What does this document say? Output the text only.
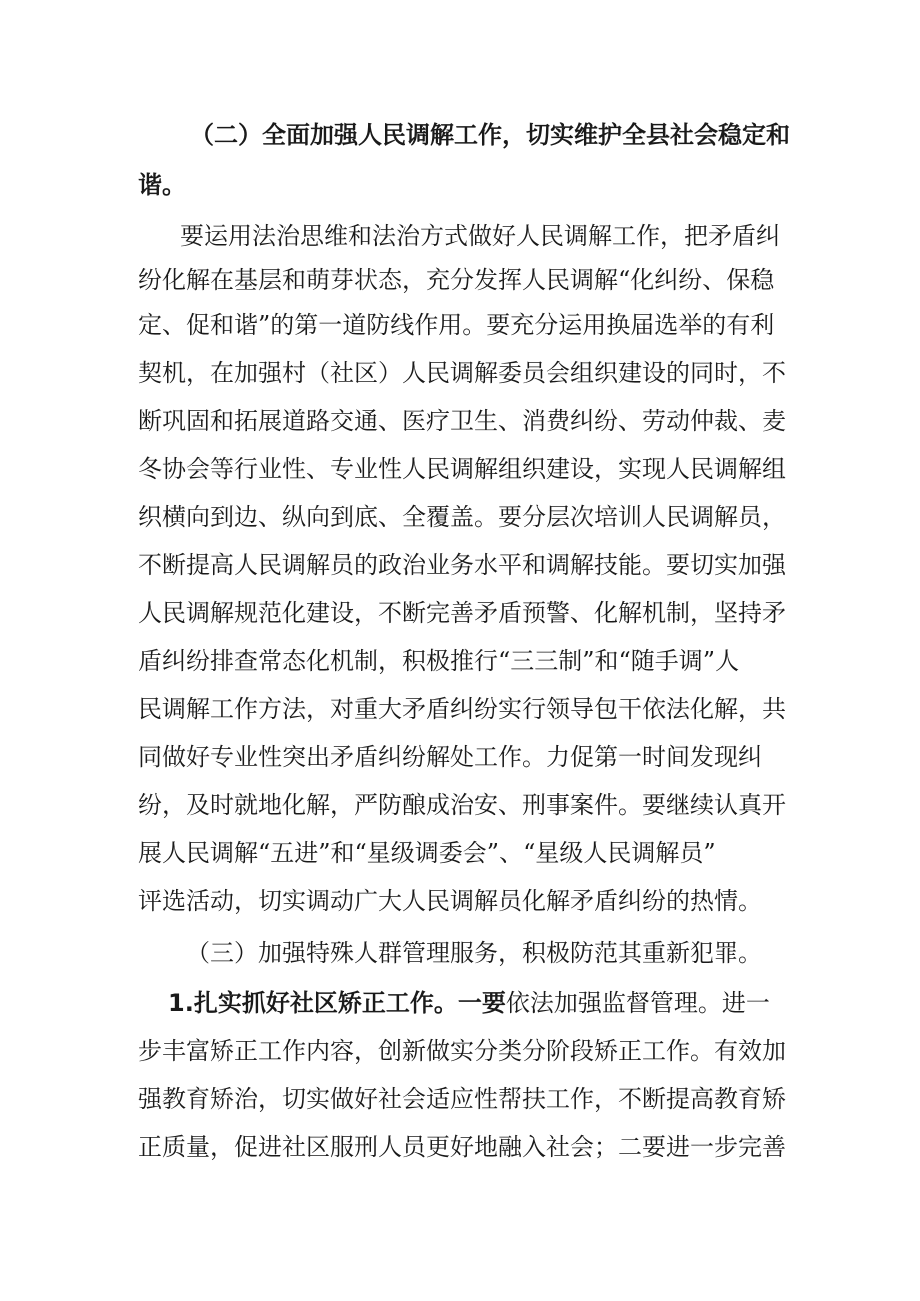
（二）全面加强人民调解工作，切实维护全县社会稳定和
谐。
要运用法治思维和法治方式做好人民调解工作，把矛盾纠
纷化解在基层和萌芽状态，充分发挥人民调解“化纠纷、保稳
定、促和谐”的第一道防线作用。要充分运用换届选举的有利
契机，在加强村（社区）人民调解委员会组织建设的同时，不
断巩固和拓展道路交通、医疗卫生、消费纠纷、劳动仲裁、麦
冬协会等行业性、专业性人民调解组织建设，实现人民调解组
织横向到边、纵向到底、全覆盖。要分层次培训人民调解员，
不断提高人民调解员的政治业务水平和调解技能。要切实加强
人民调解规范化建设，不断完善矛盾预警、化解机制，坚持矛
盾纠纷排查常态化机制，积极推行“三三制”和“随手调”人
民调解工作方法，对重大矛盾纠纷实行领导包干依法化解，共
同做好专业性突出矛盾纠纷解处工作。力促第一时间发现纠
纷，及时就地化解，严防酿成治安、刑事案件。要继续认真开
展人民调解“五进”和“星级调委会”、“星级人民调解员”
评选活动，切实调动广大人民调解员化解矛盾纠纷的热情。
（三）加强特殊人群管理服务，积极防范其重新犯罪。
1.扎实抓好社区矫正工作。一要依法加强监督管理。进一
步丰富矫正工作内容，创新做实分类分阶段矫正工作。有效加
强教育矫治，切实做好社会适应性帮扶工作，不断提高教育矫
正质量，促进社区服刑人员更好地融入社会；二要进一步完善
